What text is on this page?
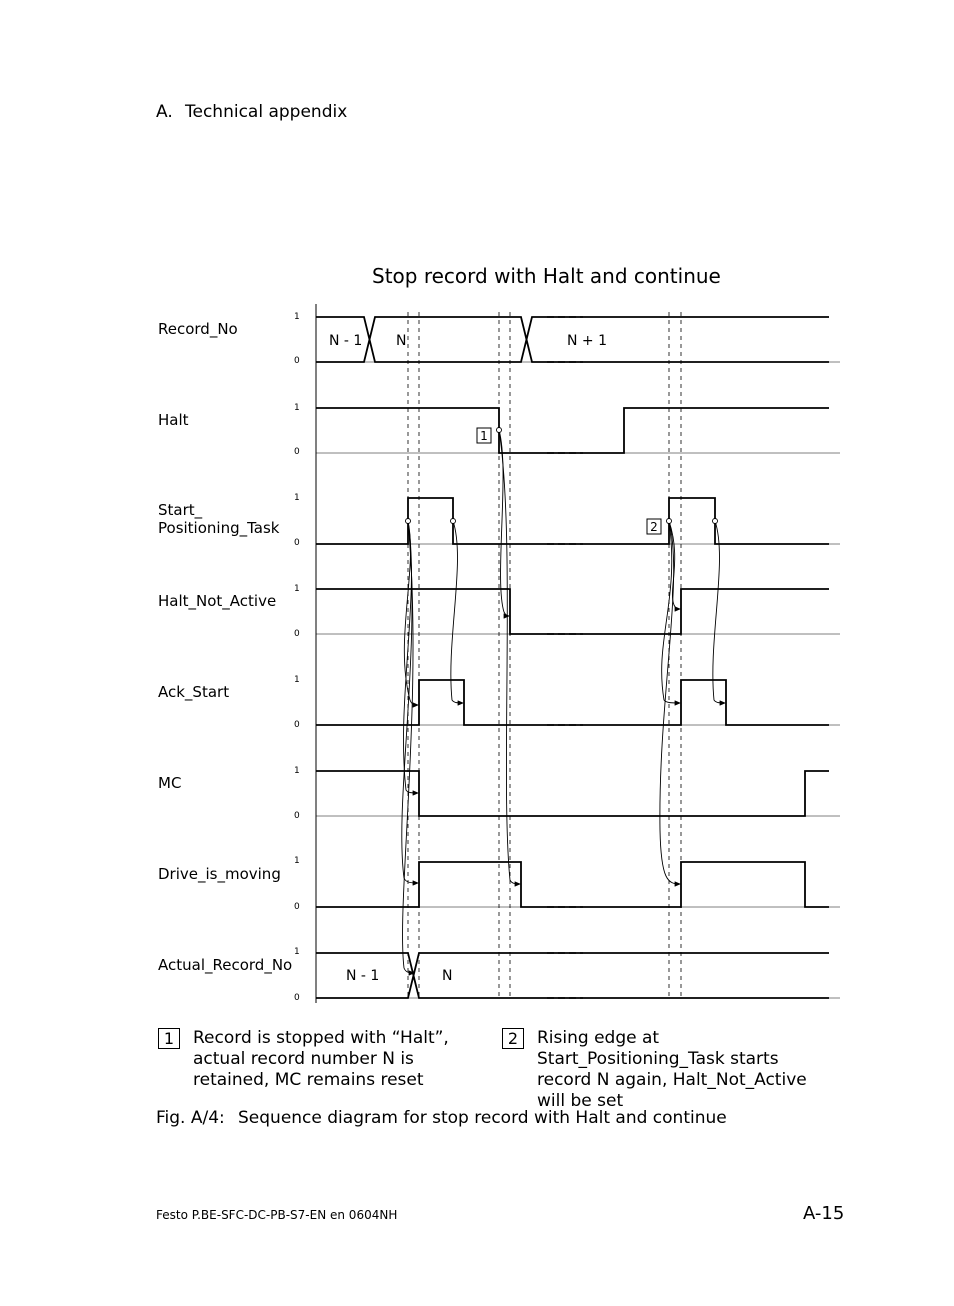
A. Technical appendix
Stop record with Halt and continue
Record_No
Halt
Start_
Positioning_Task
Halt_Not_Active
Ack_Start
MC
Drive_is_moving
Actual_Record_No
1
0
1
0
1
0
1
0
1
0
1
0
1
0
1
0
N - 1 N	N + 1
N - 1	N
1
2
1	Record is stopped with “Halt”, actual record number N is retained, MC remains reset
2	Rising edge at Start_Positioning_Task starts record N again, Halt_Not_Active will be set
Fig. A/4: Sequence diagram for stop record with Halt and continue
Festo P.BE-SFC-DC-PB-S7-EN en 0604NH	A-15
